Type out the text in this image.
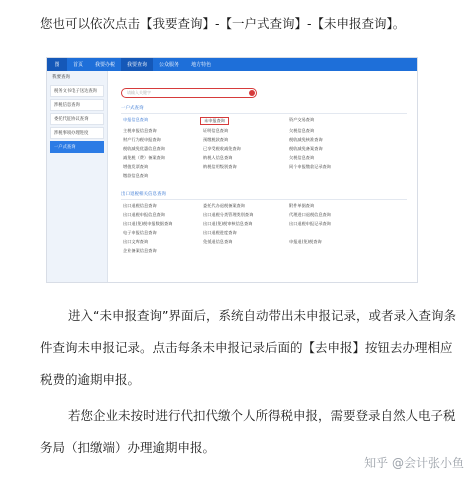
您也可以依次点击【我要查询】-【一户式查询】-【未申报查询】。
图	首页	我要办税	我要查询	公众服务	地方特色
我要查询
税务文书电子送达查询
涉税信息查询
委托代征协议查询
涉税事项办理进度
一户式查询
请输入关键字
一户式查询
申报信息查询	未申报查询	资产交易查询
主税申报信息查询	证明信息查询	欠税信息查询
财产行为税申报查询	预缴税款查询	税收减免核准查询
税收减免优惠信息查询	已享受税收减免查询	税收减免备案查询
减免税（费）备案查询	纳税人信息查询	欠税信息查询
增值发票查询	纳税信用级别查询	同个申报缴款记录查询
缴款信息查询
出口退税相关信息查询
出口退税信息查询	委托代办退税备案查询	附件单据查询
出口退税申报信息查询	出口退税分类管理类别查询	代理进口退税信息查询
出口退(免)税申报数据查询	出口退(免)税审核信息查询	出口退税申报记录查询
电子申报信息查询	出口退税进度查询
出口文库查询	免抵退信息查询	申报退(免)税查询
企业备案信息查询
进入“未申报查询”界面后，系统自动带出未申报记录，或者录入查询条件查询未申报记录。点击每条未申报记录后面的【去申报】按钮去办理相应税费的逾期申报。
若您企业未按时进行代扣代缴个人所得税申报，需要登录自然人电子税务局（扣缴端）办理逾期申报。
知乎 @会计张小鱼
